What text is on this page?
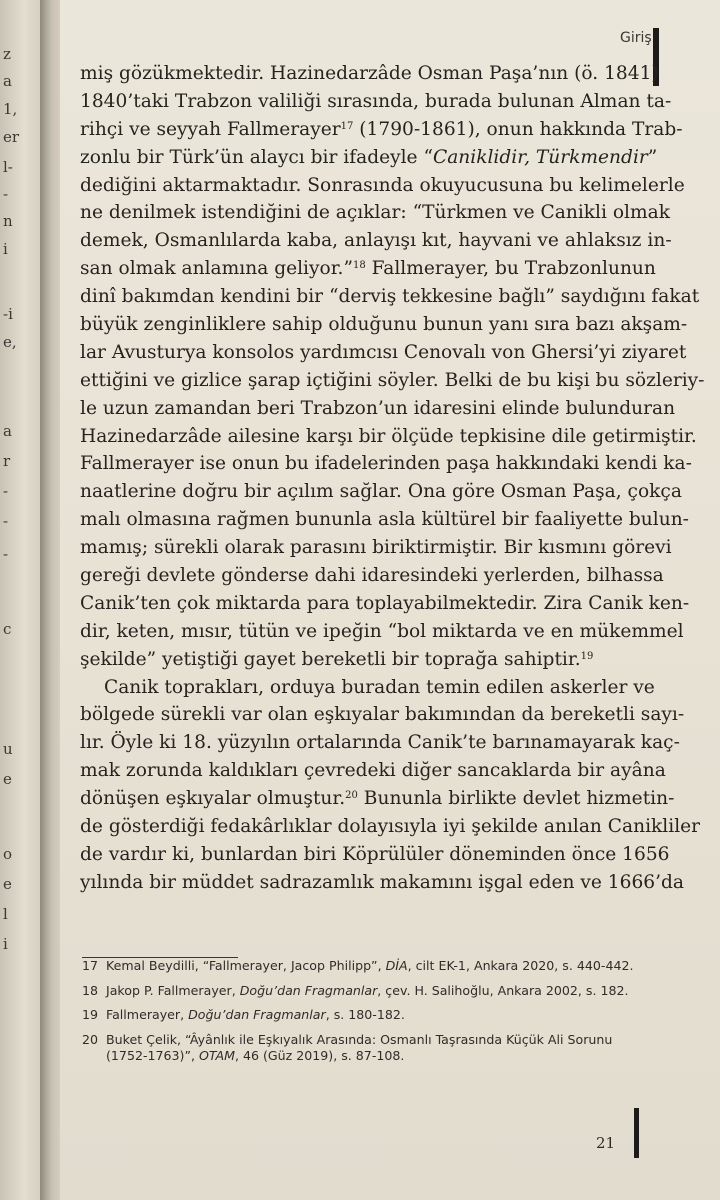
z
a
1,
er
l-
-
n
i
-i
e,
a
r
-
-
-
c
u
e
o
e
l
i
Giriş
miş gözükmektedir. Hazinedarzâde Osman Paşa’nın (ö. 1841)
1840’taki Trabzon valiliği sırasında, burada bulunan Alman ta-
rihçi ve seyyah Fallmerayer$^{17}$ (1790-1861), onun hakkında Trab-
zonlu bir Türk’ün alaycı bir ifadeyle “Caniklidir, Türkmendir”
dediğini aktarmaktadır. Sonrasında okuyucusuna bu kelimelerle
ne denilmek istendiğini de açıklar: “Türkmen ve Canikli olmak
demek, Osmanlılarda kaba, anlayışı kıt, hayvani ve ahlaksız in-
san olmak anlamına geliyor.”$^{18}$ Fallmerayer, bu Trabzonlunun
dinî bakımdan kendini bir “derviş tekkesine bağlı” saydığını fakat
büyük zenginliklere sahip olduğunu bunun yanı sıra bazı akşam-
lar Avusturya konsolos yardımcısı Cenovalı von Ghersi’yi ziyaret
ettiğini ve gizlice şarap içtiğini söyler. Belki de bu kişi bu sözleriy-
le uzun zamandan beri Trabzon’un idaresini elinde bulunduran
Hazinedarzâde ailesine karşı bir ölçüde tepkisine dile getirmiştir.
Fallmerayer ise onun bu ifadelerinden paşa hakkındaki kendi ka-
naatlerine doğru bir açılım sağlar. Ona göre Osman Paşa, çokça
malı olmasına rağmen bununla asla kültürel bir faaliyette bulun-
mamış; sürekli olarak parasını biriktirmiştir. Bir kısmını görevi
gereği devlete gönderse dahi idaresindeki yerlerden, bilhassa
Canik’ten çok miktarda para toplayabilmektedir. Zira Canik ken-
dir, keten, mısır, tütün ve ipeğin “bol miktarda ve en mükemmel
şekilde” yetiştiği gayet bereketli bir toprağa sahiptir.$^{19}$
Canik toprakları, orduya buradan temin edilen askerler ve
bölgede sürekli var olan eşkıyalar bakımından da bereketli sayı-
lır. Öyle ki 18. yüzyılın ortalarında Canik’te barınamayarak kaç-
mak zorunda kaldıkları çevredeki diğer sancaklarda bir ayâna
dönüşen eşkıyalar olmuştur.$^{20}$ Bununla birlikte devlet hizmetin-
de gösterdiği fedakârlıklar dolayısıyla iyi şekilde anılan Canikliler
de vardır ki, bunlardan biri Köprülüler döneminden önce 1656
yılında bir müddet sadrazamlık makamını işgal eden ve 1666’da
17 Kemal Beydilli, “Fallmerayer, Jacop Philipp”, DİA, cilt EK-1, Ankara 2020, s. 440-442.
18 Jakop P. Fallmerayer, Doğu’dan Fragmanlar, çev. H. Salihoğlu, Ankara 2002, s. 182.
19 Fallmerayer, Doğu’dan Fragmanlar, s. 180-182.
20 Buket Çelik, “Âyânlık ile Eşkıyalık Arasında: Osmanlı Taşrasında Küçük Ali Sorunu (1752-1763)”, OTAM, 46 (Güz 2019), s. 87-108.
21
